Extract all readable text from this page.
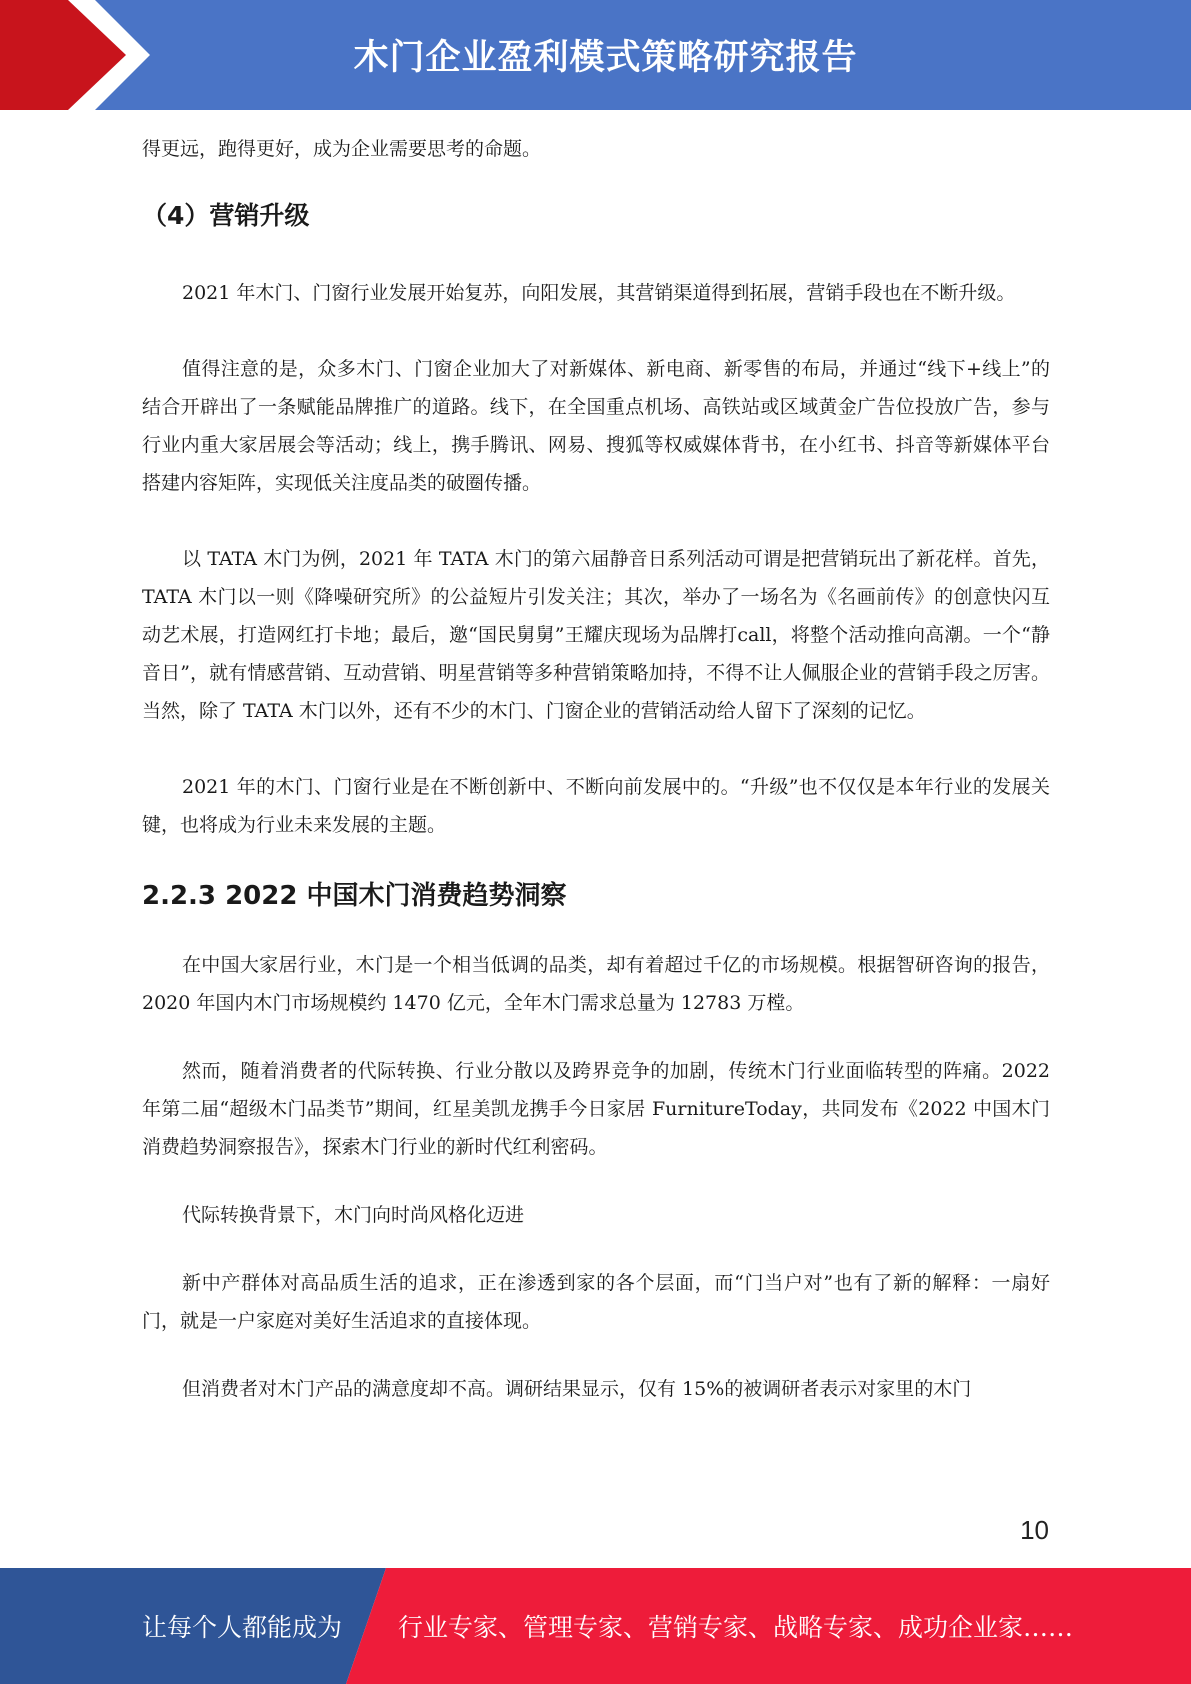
木门企业盈利模式策略研究报告

得更远，跑得更好，成为企业需要思考的命题。

（4）营销升级

2021 年木门、门窗行业发展开始复苏，向阳发展，其营销渠道得到拓展，营销手段也在不断升级。

值得注意的是，众多木门、门窗企业加大了对新媒体、新电商、新零售的布局，并通过“线下+线上”的结合开辟出了一条赋能品牌推广的道路。线下，在全国重点机场、高铁站或区域黄金广告位投放广告，参与行业内重大家居展会等活动；线上，携手腾讯、网易、搜狐等权威媒体背书，在小红书、抖音等新媒体平台搭建内容矩阵，实现低关注度品类的破圈传播。

以 TATA 木门为例，2021 年 TATA 木门的第六届静音日系列活动可谓是把营销玩出了新花样。首先，TATA 木门以一则《降噪研究所》的公益短片引发关注；其次，举办了一场名为《名画前传》的创意快闪互动艺术展，打造网红打卡地；最后，邀“国民舅舅”王耀庆现场为品牌打call，将整个活动推向高潮。一个“静音日”，就有情感营销、互动营销、明星营销等多种营销策略加持，不得不让人佩服企业的营销手段之厉害。当然，除了 TATA 木门以外，还有不少的木门、门窗企业的营销活动给人留下了深刻的记忆。

2021 年的木门、门窗行业是在不断创新中、不断向前发展中的。“升级”也不仅仅是本年行业的发展关键，也将成为行业未来发展的主题。

2.2.3 2022 中国木门消费趋势洞察

在中国大家居行业，木门是一个相当低调的品类，却有着超过千亿的市场规模。根据智研咨询的报告，2020 年国内木门市场规模约 1470 亿元，全年木门需求总量为 12783 万樘。

然而，随着消费者的代际转换、行业分散以及跨界竞争的加剧，传统木门行业面临转型的阵痛。2022 年第二届“超级木门品类节”期间，红星美凯龙携手今日家居 FurnitureToday，共同发布《2022 中国木门消费趋势洞察报告》，探索木门行业的新时代红利密码。

代际转换背景下，木门向时尚风格化迈进

新中产群体对高品质生活的追求，正在渗透到家的各个层面，而“门当户对”也有了新的解释：一扇好门，就是一户家庭对美好生活追求的直接体现。

但消费者对木门产品的满意度却不高。调研结果显示，仅有 15%的被调研者表示对家里的木门

10
让每个人都能成为 行业专家、管理专家、营销专家、战略专家、成功企业家……
